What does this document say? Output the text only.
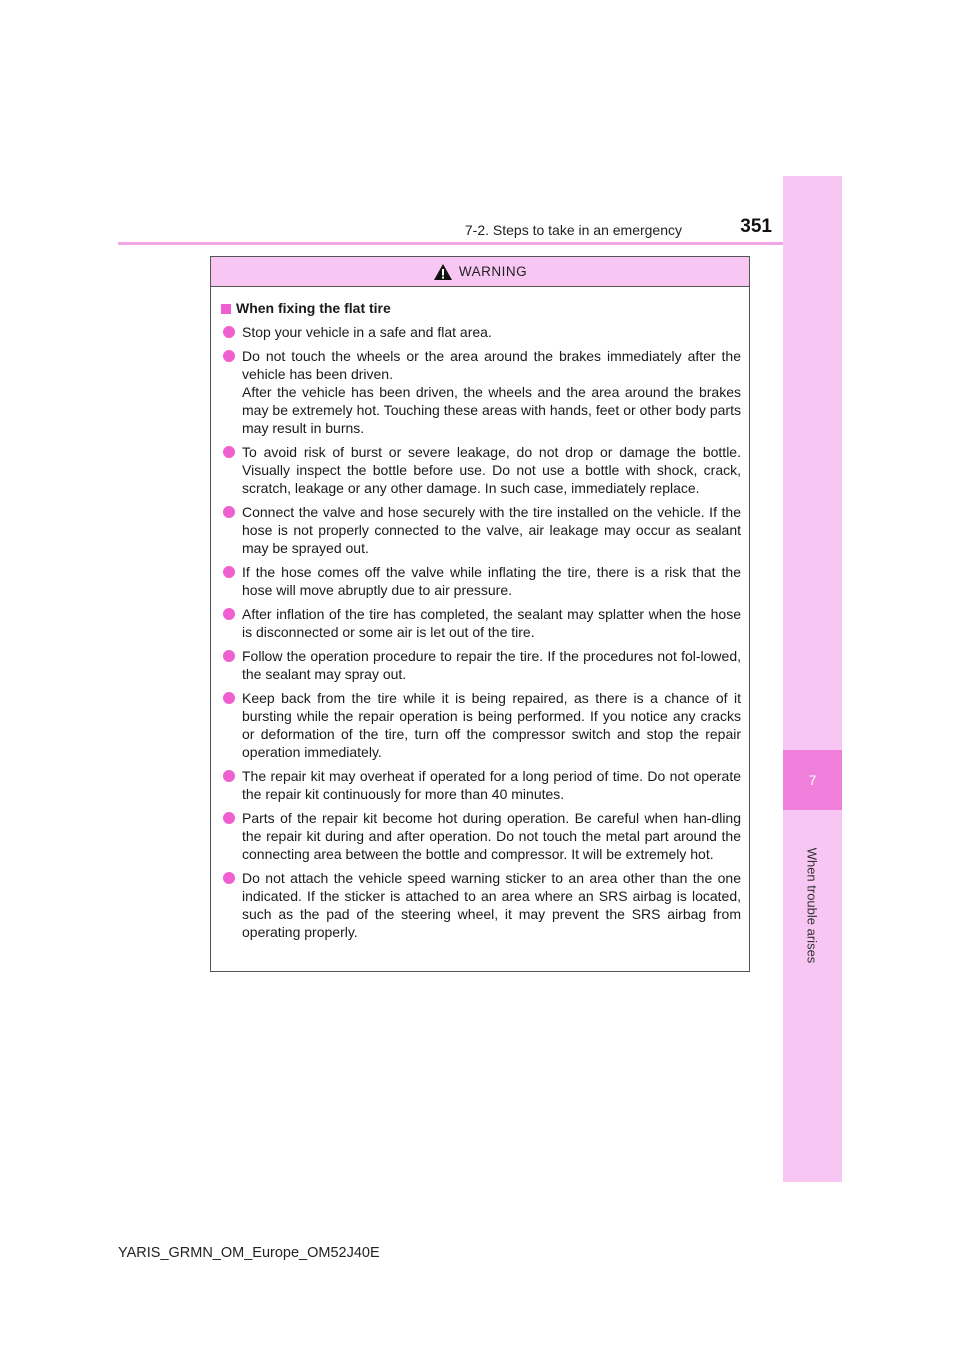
7
When trouble arises
7-2. Steps to take in an emergency	351
WARNING
When fixing the flat tire
Stop your vehicle in a safe and flat area.
Do not touch the wheels or the area around the brakes immediately after the vehicle has been driven.
After the vehicle has been driven, the wheels and the area around the brakes may be extremely hot. Touching these areas with hands, feet or other body parts may result in burns.
To avoid risk of burst or severe leakage, do not drop or damage the bottle. Visually inspect the bottle before use. Do not use a bottle with shock, crack, scratch, leakage or any other damage. In such case, immediately replace.
Connect the valve and hose securely with the tire installed on the vehicle. If the hose is not properly connected to the valve, air leakage may occur as sealant may be sprayed out.
If the hose comes off the valve while inflating the tire, there is a risk that the hose will move abruptly due to air pressure.
After inflation of the tire has completed, the sealant may splatter when the hose is disconnected or some air is let out of the tire.
Follow the operation procedure to repair the tire. If the procedures not fol-lowed, the sealant may spray out.
Keep back from the tire while it is being repaired, as there is a chance of it bursting while the repair operation is being performed. If you notice any cracks or deformation of the tire, turn off the compressor switch and stop the repair operation immediately.
The repair kit may overheat if operated for a long period of time. Do not operate the repair kit continuously for more than 40 minutes.
Parts of the repair kit become hot during operation. Be careful when han-dling the repair kit during and after operation. Do not touch the metal part around the connecting area between the bottle and compressor. It will be extremely hot.
Do not attach the vehicle speed warning sticker to an area other than the one indicated. If the sticker is attached to an area where an SRS airbag is located, such as the pad of the steering wheel, it may prevent the SRS airbag from operating properly.
YARIS_GRMN_OM_Europe_OM52J40E
